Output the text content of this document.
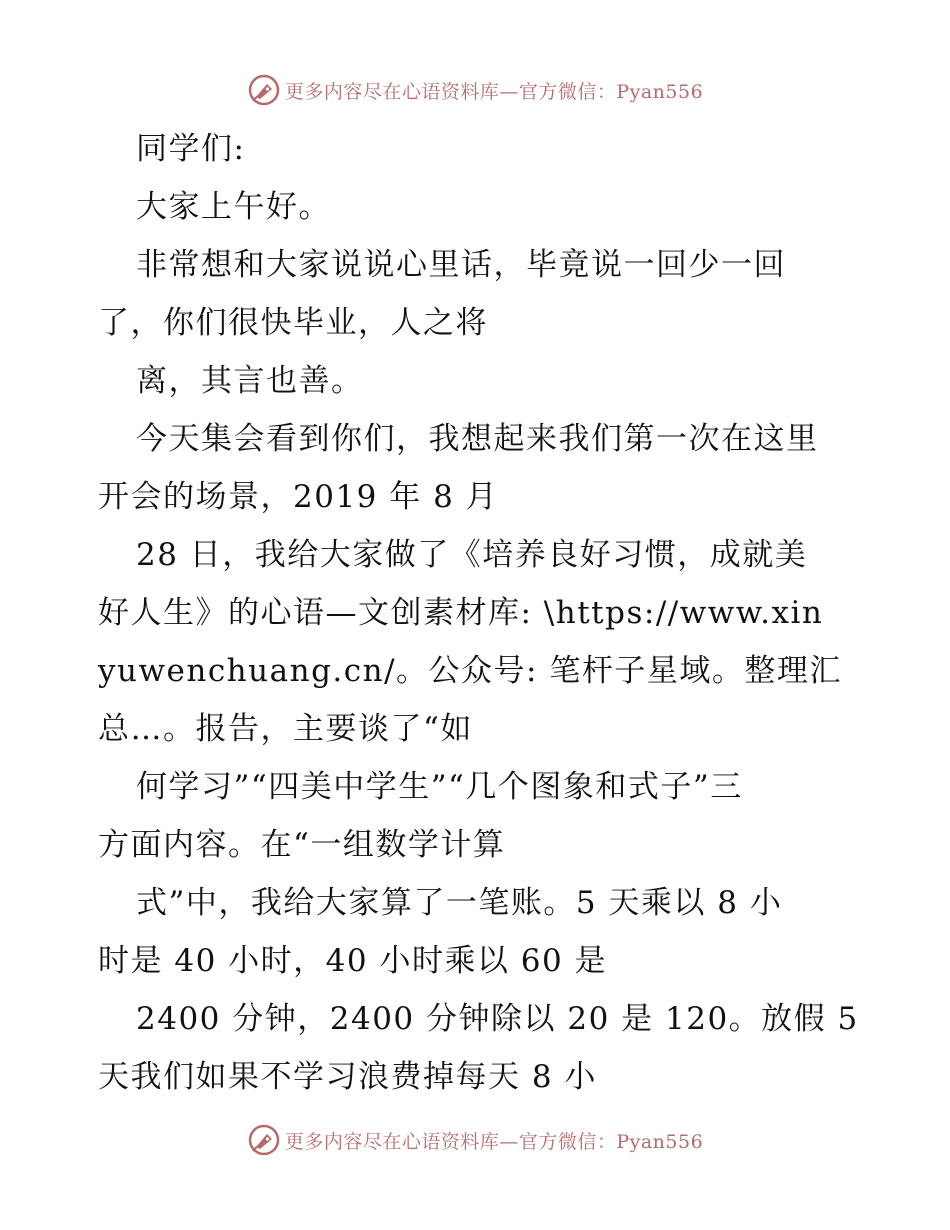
更多内容尽在心语资料库—官方微信：Pyan556
同学们:
大家上午好。
非常想和大家说说心里话，毕竟说一回少一回
了，你们很快毕业，人之将
离，其言也善。
今天集会看到你们，我想起来我们第一次在这里
开会的场景，2019 年 8 月
28 日，我给大家做了《培养良好习惯，成就美
好人生》的心语—文创素材库: \https://www.xin
yuwenchuang.cn/。公众号: 笔杆子星域。整理汇
总…。报告，主要谈了“如
何学习”“四美中学生”“几个图象和式子”三
方面内容。在“一组数学计算
式”中，我给大家算了一笔账。5 天乘以 8 小
时是 40 小时，40 小时乘以 60 是
2400 分钟，2400 分钟除以 20 是 120。放假 5
天我们如果不学习浪费掉每天 8 小
更多内容尽在心语资料库—官方微信：Pyan556
